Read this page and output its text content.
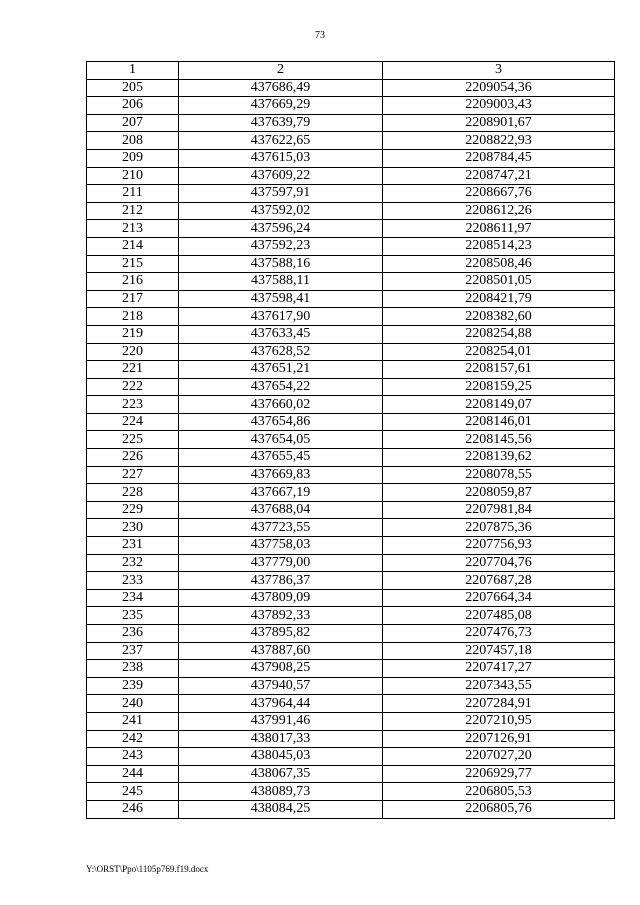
73
1	2	3
205	437686,49	2209054,36
206	437669,29	2209003,43
207	437639,79	2208901,67
208	437622,65	2208822,93
209	437615,03	2208784,45
210	437609,22	2208747,21
211	437597,91	2208667,76
212	437592,02	2208612,26
213	437596,24	2208611,97
214	437592,23	2208514,23
215	437588,16	2208508,46
216	437588,11	2208501,05
217	437598,41	2208421,79
218	437617,90	2208382,60
219	437633,45	2208254,88
220	437628,52	2208254,01
221	437651,21	2208157,61
222	437654,22	2208159,25
223	437660,02	2208149,07
224	437654,86	2208146,01
225	437654,05	2208145,56
226	437655,45	2208139,62
227	437669,83	2208078,55
228	437667,19	2208059,87
229	437688,04	2207981,84
230	437723,55	2207875,36
231	437758,03	2207756,93
232	437779,00	2207704,76
233	437786,37	2207687,28
234	437809,09	2207664,34
235	437892,33	2207485,08
236	437895,82	2207476,73
237	437887,60	2207457,18
238	437908,25	2207417,27
239	437940,57	2207343,55
240	437964,44	2207284,91
241	437991,46	2207210,95
242	438017,33	2207126,91
243	438045,03	2207027,20
244	438067,35	2206929,77
245	438089,73	2206805,53
246	438084,25	2206805,76
Y:\ORST\Ppo\1105p769.f19.docx
